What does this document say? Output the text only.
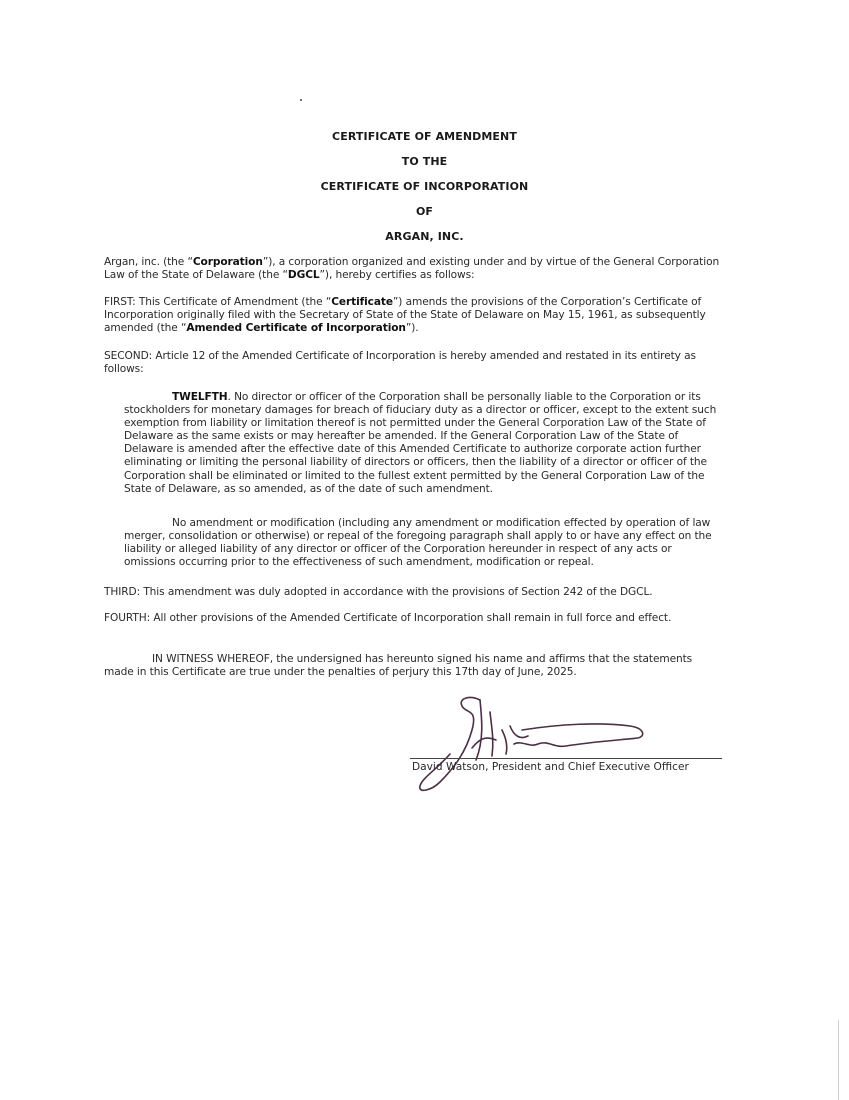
CERTIFICATE OF AMENDMENT
TO THE
CERTIFICATE OF INCORPORATION
OF
ARGAN, INC.
Argan, inc. (the “Corporation”), a corporation organized and existing under and by virtue of the General Corporation Law of the State of Delaware (the “DGCL”), hereby certifies as follows:
FIRST: This Certificate of Amendment (the “Certificate”) amends the provisions of the Corporation’s Certificate of Incorporation originally filed with the Secretary of State of the State of Delaware on May 15, 1961, as subsequently amended (the “Amended Certificate of Incorporation”).
SECOND: Article 12 of the Amended Certificate of Incorporation is hereby amended and restated in its entirety as follows:
TWELFTH. No director or officer of the Corporation shall be personally liable to the Corporation or its stockholders for monetary damages for breach of fiduciary duty as a director or officer, except to the extent such exemption from liability or limitation thereof is not permitted under the General Corporation Law of the State of Delaware as the same exists or may hereafter be amended. If the General Corporation Law of the State of Delaware is amended after the effective date of this Amended Certificate to authorize corporate action further eliminating or limiting the personal liability of directors or officers, then the liability of a director or officer of the Corporation shall be eliminated or limited to the fullest extent permitted by the General Corporation Law of the State of Delaware, as so amended, as of the date of such amendment.
No amendment or modification (including any amendment or modification effected by operation of law merger, consolidation or otherwise) or repeal of the foregoing paragraph shall apply to or have any effect on the liability or alleged liability of any director or officer of the Corporation hereunder in respect of any acts or omissions occurring prior to the effectiveness of such amendment, modification or repeal.
THIRD: This amendment was duly adopted in accordance with the provisions of Section 242 of the DGCL.
FOURTH: All other provisions of the Amended Certificate of Incorporation shall remain in full force and effect.
IN WITNESS WHEREOF, the undersigned has hereunto signed his name and affirms that the statements made in this Certificate are true under the penalties of perjury this 17th day of June, 2025.
David Watson, President and Chief Executive Officer
